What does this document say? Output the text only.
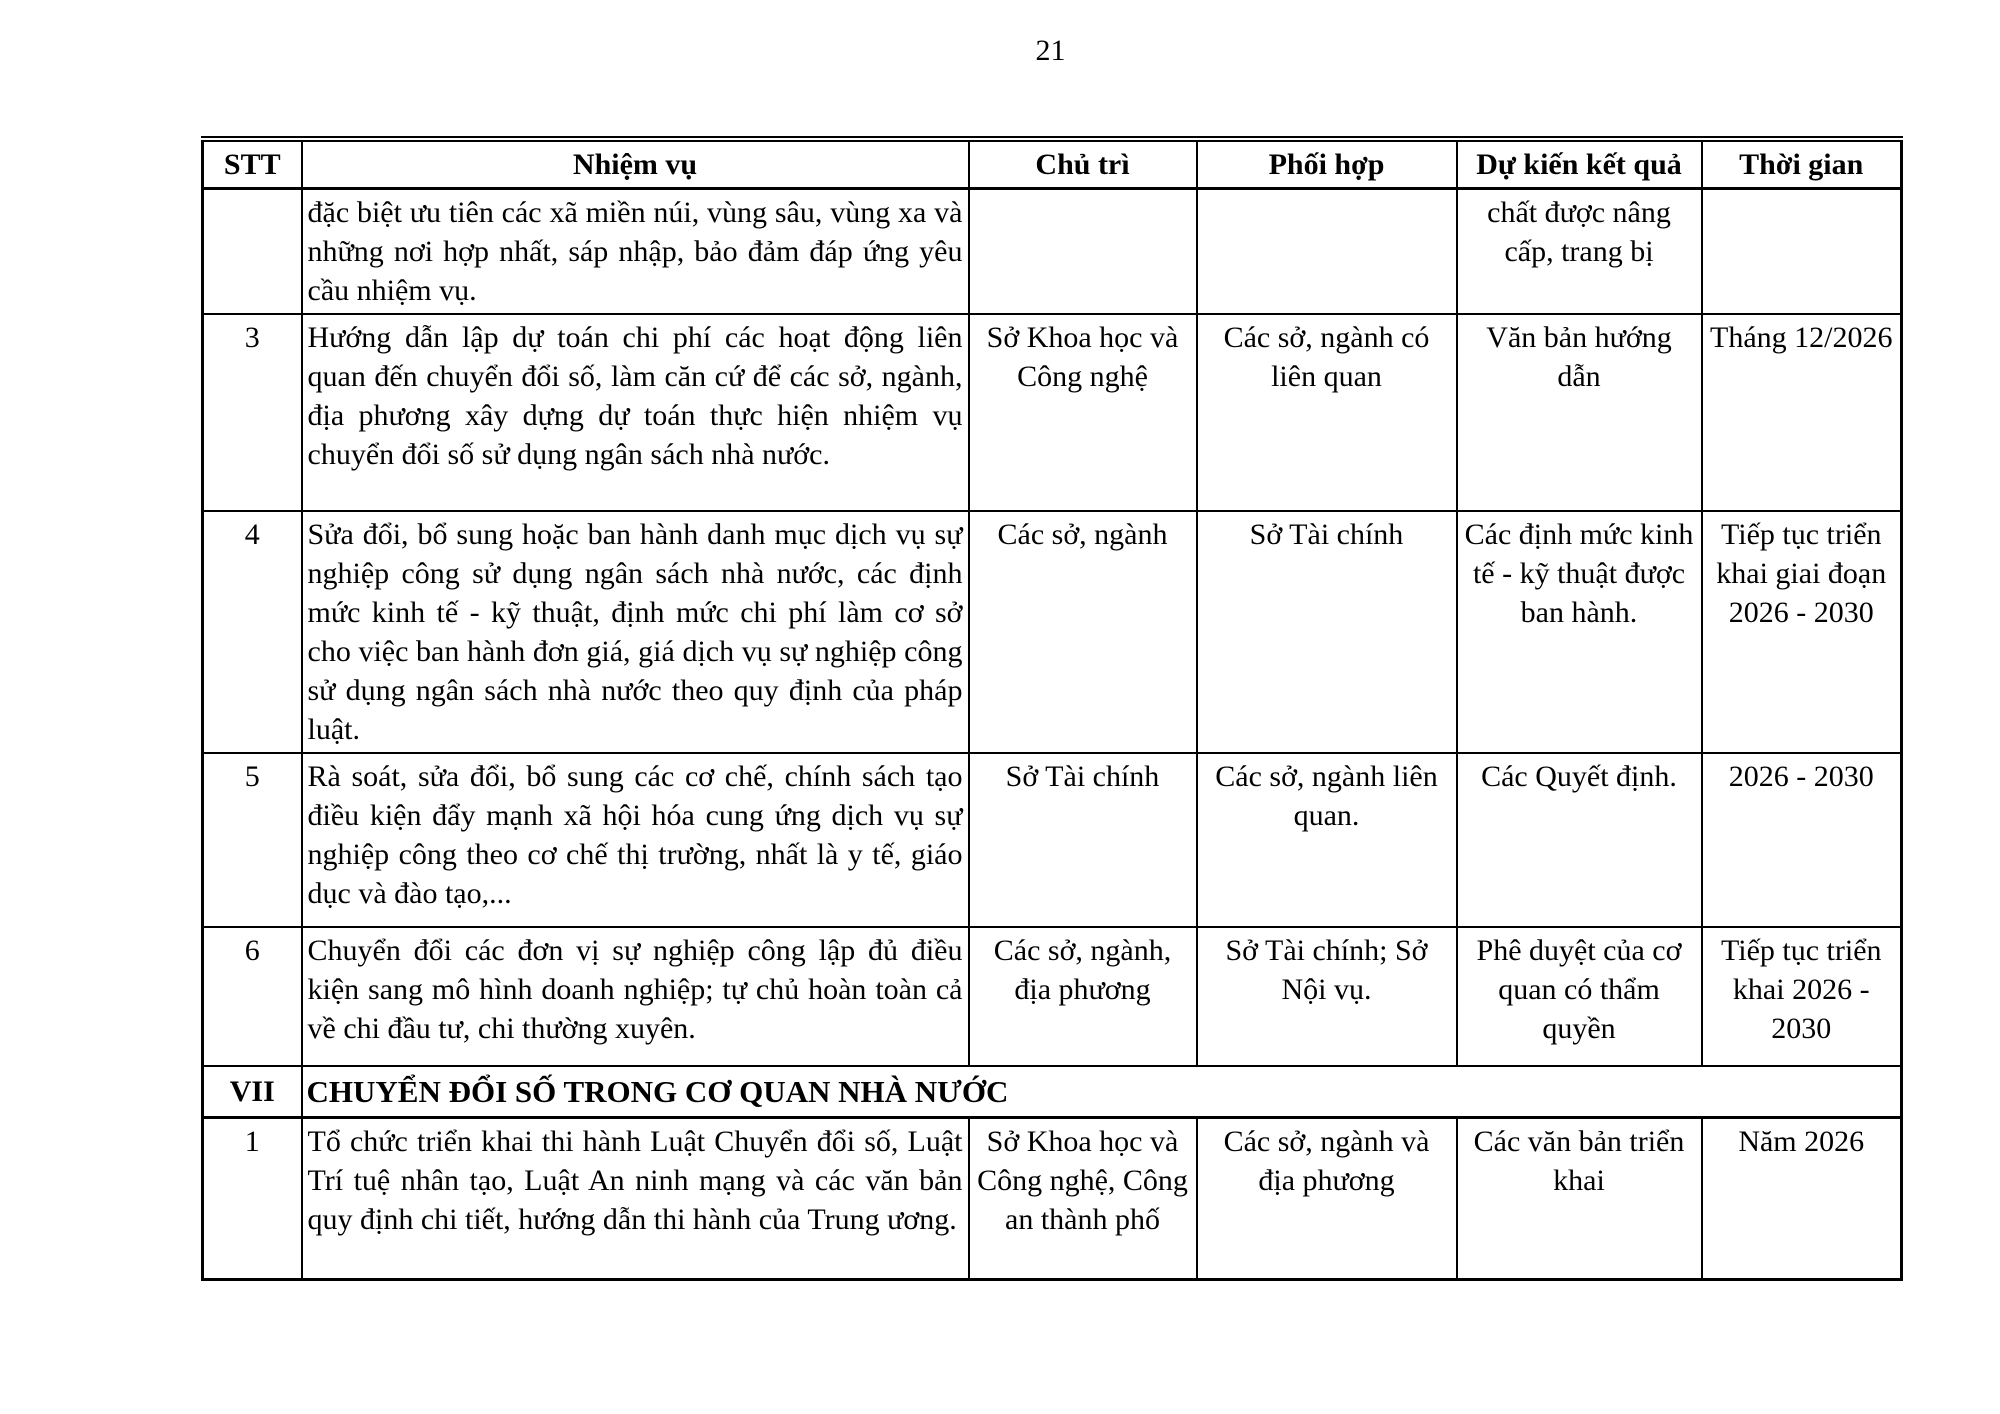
21
STT	Nhiệm vụ	Chủ trì	Phối hợp	Dự kiến kết quả	Thời gian
	đặc biệt ưu tiên các xã miền núi, vùng sâu, vùng xa và những nơi hợp nhất, sáp nhập, bảo đảm đáp ứng yêu cầu nhiệm vụ.			chất được nâng cấp, trang bị	
3	Hướng dẫn lập dự toán chi phí các hoạt động liên quan đến chuyển đổi số, làm căn cứ để các sở, ngành, địa phương xây dựng dự toán thực hiện nhiệm vụ chuyển đổi số sử dụng ngân sách nhà nước.	Sở Khoa học và Công nghệ	Các sở, ngành có liên quan	Văn bản hướng dẫn	Tháng 12/2026
4	Sửa đổi, bổ sung hoặc ban hành danh mục dịch vụ sự nghiệp công sử dụng ngân sách nhà nước, các định mức kinh tế - kỹ thuật, định mức chi phí làm cơ sở cho việc ban hành đơn giá, giá dịch vụ sự nghiệp công sử dụng ngân sách nhà nước theo quy định của pháp luật.	Các sở, ngành	Sở Tài chính	Các định mức kinh tế - kỹ thuật được ban hành.	Tiếp tục triển khai giai đoạn 2026 - 2030
5	Rà soát, sửa đổi, bổ sung các cơ chế, chính sách tạo điều kiện đẩy mạnh xã hội hóa cung ứng dịch vụ sự nghiệp công theo cơ chế thị trường, nhất là y tế, giáo dục và đào tạo,...	Sở Tài chính	Các sở, ngành liên quan.	Các Quyết định.	2026 - 2030
6	Chuyển đổi các đơn vị sự nghiệp công lập đủ điều kiện sang mô hình doanh nghiệp; tự chủ hoàn toàn cả về chi đầu tư, chi thường xuyên.	Các sở, ngành, địa phương	Sở Tài chính; Sở Nội vụ.	Phê duyệt của cơ quan có thẩm quyền	Tiếp tục triển khai 2026 - 2030
VII	CHUYỂN ĐỔI SỐ TRONG CƠ QUAN NHÀ NƯỚC				
1	Tổ chức triển khai thi hành Luật Chuyển đổi số, Luật Trí tuệ nhân tạo, Luật An ninh mạng và các văn bản quy định chi tiết, hướng dẫn thi hành của Trung ương.	Sở Khoa học và Công nghệ, Công an thành phố	Các sở, ngành và địa phương	Các văn bản triển khai	Năm 2026
